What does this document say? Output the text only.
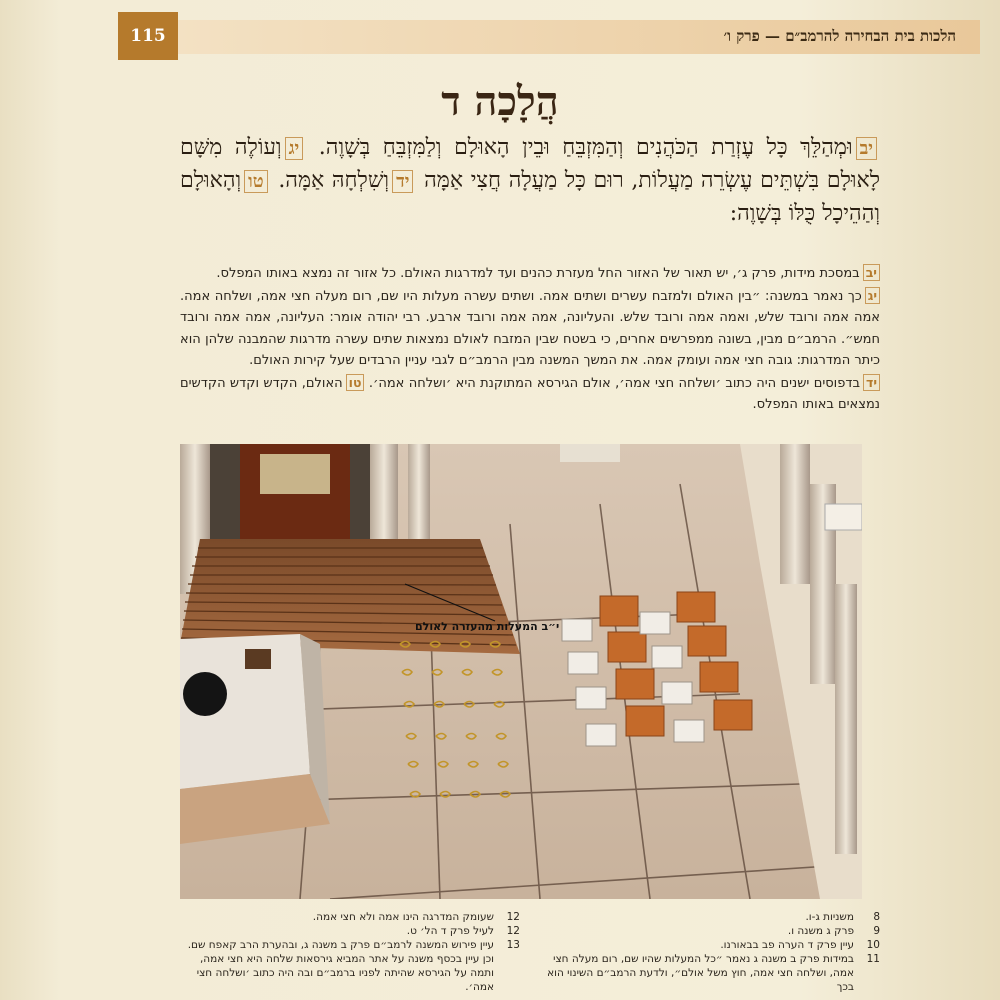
הלכות בית הבחירה להרמב״ם — פרק ו׳
115
הֲלָכָה ד
יבוּמְהַלֵּךְ כָּל עֶזְרַת הַכֹּהֲנִים וְהַמִּזְבֵּחַ וּבֵין הָאוּלָם וְלַמִּזְבֵּחַ בְּשָׁוֶה. יגוְעוֹלֶה מִשָּׁם לָאוּלָם בִּשְׁתֵּים עֶשְׂרֵה מַעֲלוֹת, רוּם כָּל מַעֲלָה חֲצִי אַמָּה ידוְשִׁלְחָהּ אַמָּה. טווְהָאוּלָם וְהַהֵיכָל כֻּלּוֹ בְּשָׁוֶה:

יבבמסכת מידות, פרק ג׳, יש תאור של האזור החל מעזרת כהנים ועד למדרגות האולם. כל אזור זה נמצא באותו המפלס.

יגכך נאמר במשנה: ״בין האולם ולמזבח עשרים ושתים אמה. ושתים עשרה מעלות היו שם, רום מעלה חצי אמה, ושלחה אמה. אמה אמה ורובד שלש, ואמה אמה ורובד שלש. והעליונה, אמה אמה ורובד ארבע. רבי יהודה אומר: העליונה, אמה אמה ורובד חמש״. הרמב״ם מבין, בשונה ממפרשים אחרים, כי בשטח שבין המזבח לאולם נמצאות שתים עשרה מדרגות שהמבנה שלהן הוא כיתר המדרגות: גובה חצי אמה ועומק אמה. את המשך המשנה מבין הרמב״ם לגבי עניין הרבדים שעל קירות האולם.

ידבדפוסים ישנים היה כתוב ׳ושלחה חצי אמה׳, אולם הגירסא המתוקנת היא ׳ושלחה אמה׳. טוהאולם, הקדש וקדש הקדשים נמצאים באותו המפלס.

י״ב המעלות מהעזרה לאולם
8
משניות ג-ו.
9
פרק ג משנה ו.
10
עיין פרק ד הערה פב בבאורנו.
11
במידות פרק ב משנה ג נאמר ״כל המעלות שהיו שם, רום מעלה חצי אמה, ושלחה חצי אמה, חוץ משל אולם״, ולדעת הרמב״ם השינוי הוא בכך
12
שעומק המדרגה הינו אמה ולא חצי אמה.
12
לעיל פרק ד הל׳ ט.
13
עיין פירוש המשנה לרמב״ם פרק ב משנה ג, ובהערת הרב קאפח שם. וכן עיין בכסף משנה על אתר המביא גירסאות שלחה היא חצי אמה, ותמה על הגירסא שהיתה לפניו ברמב״ם ובה היה כתוב ׳ושלחה חצי אמה׳.
